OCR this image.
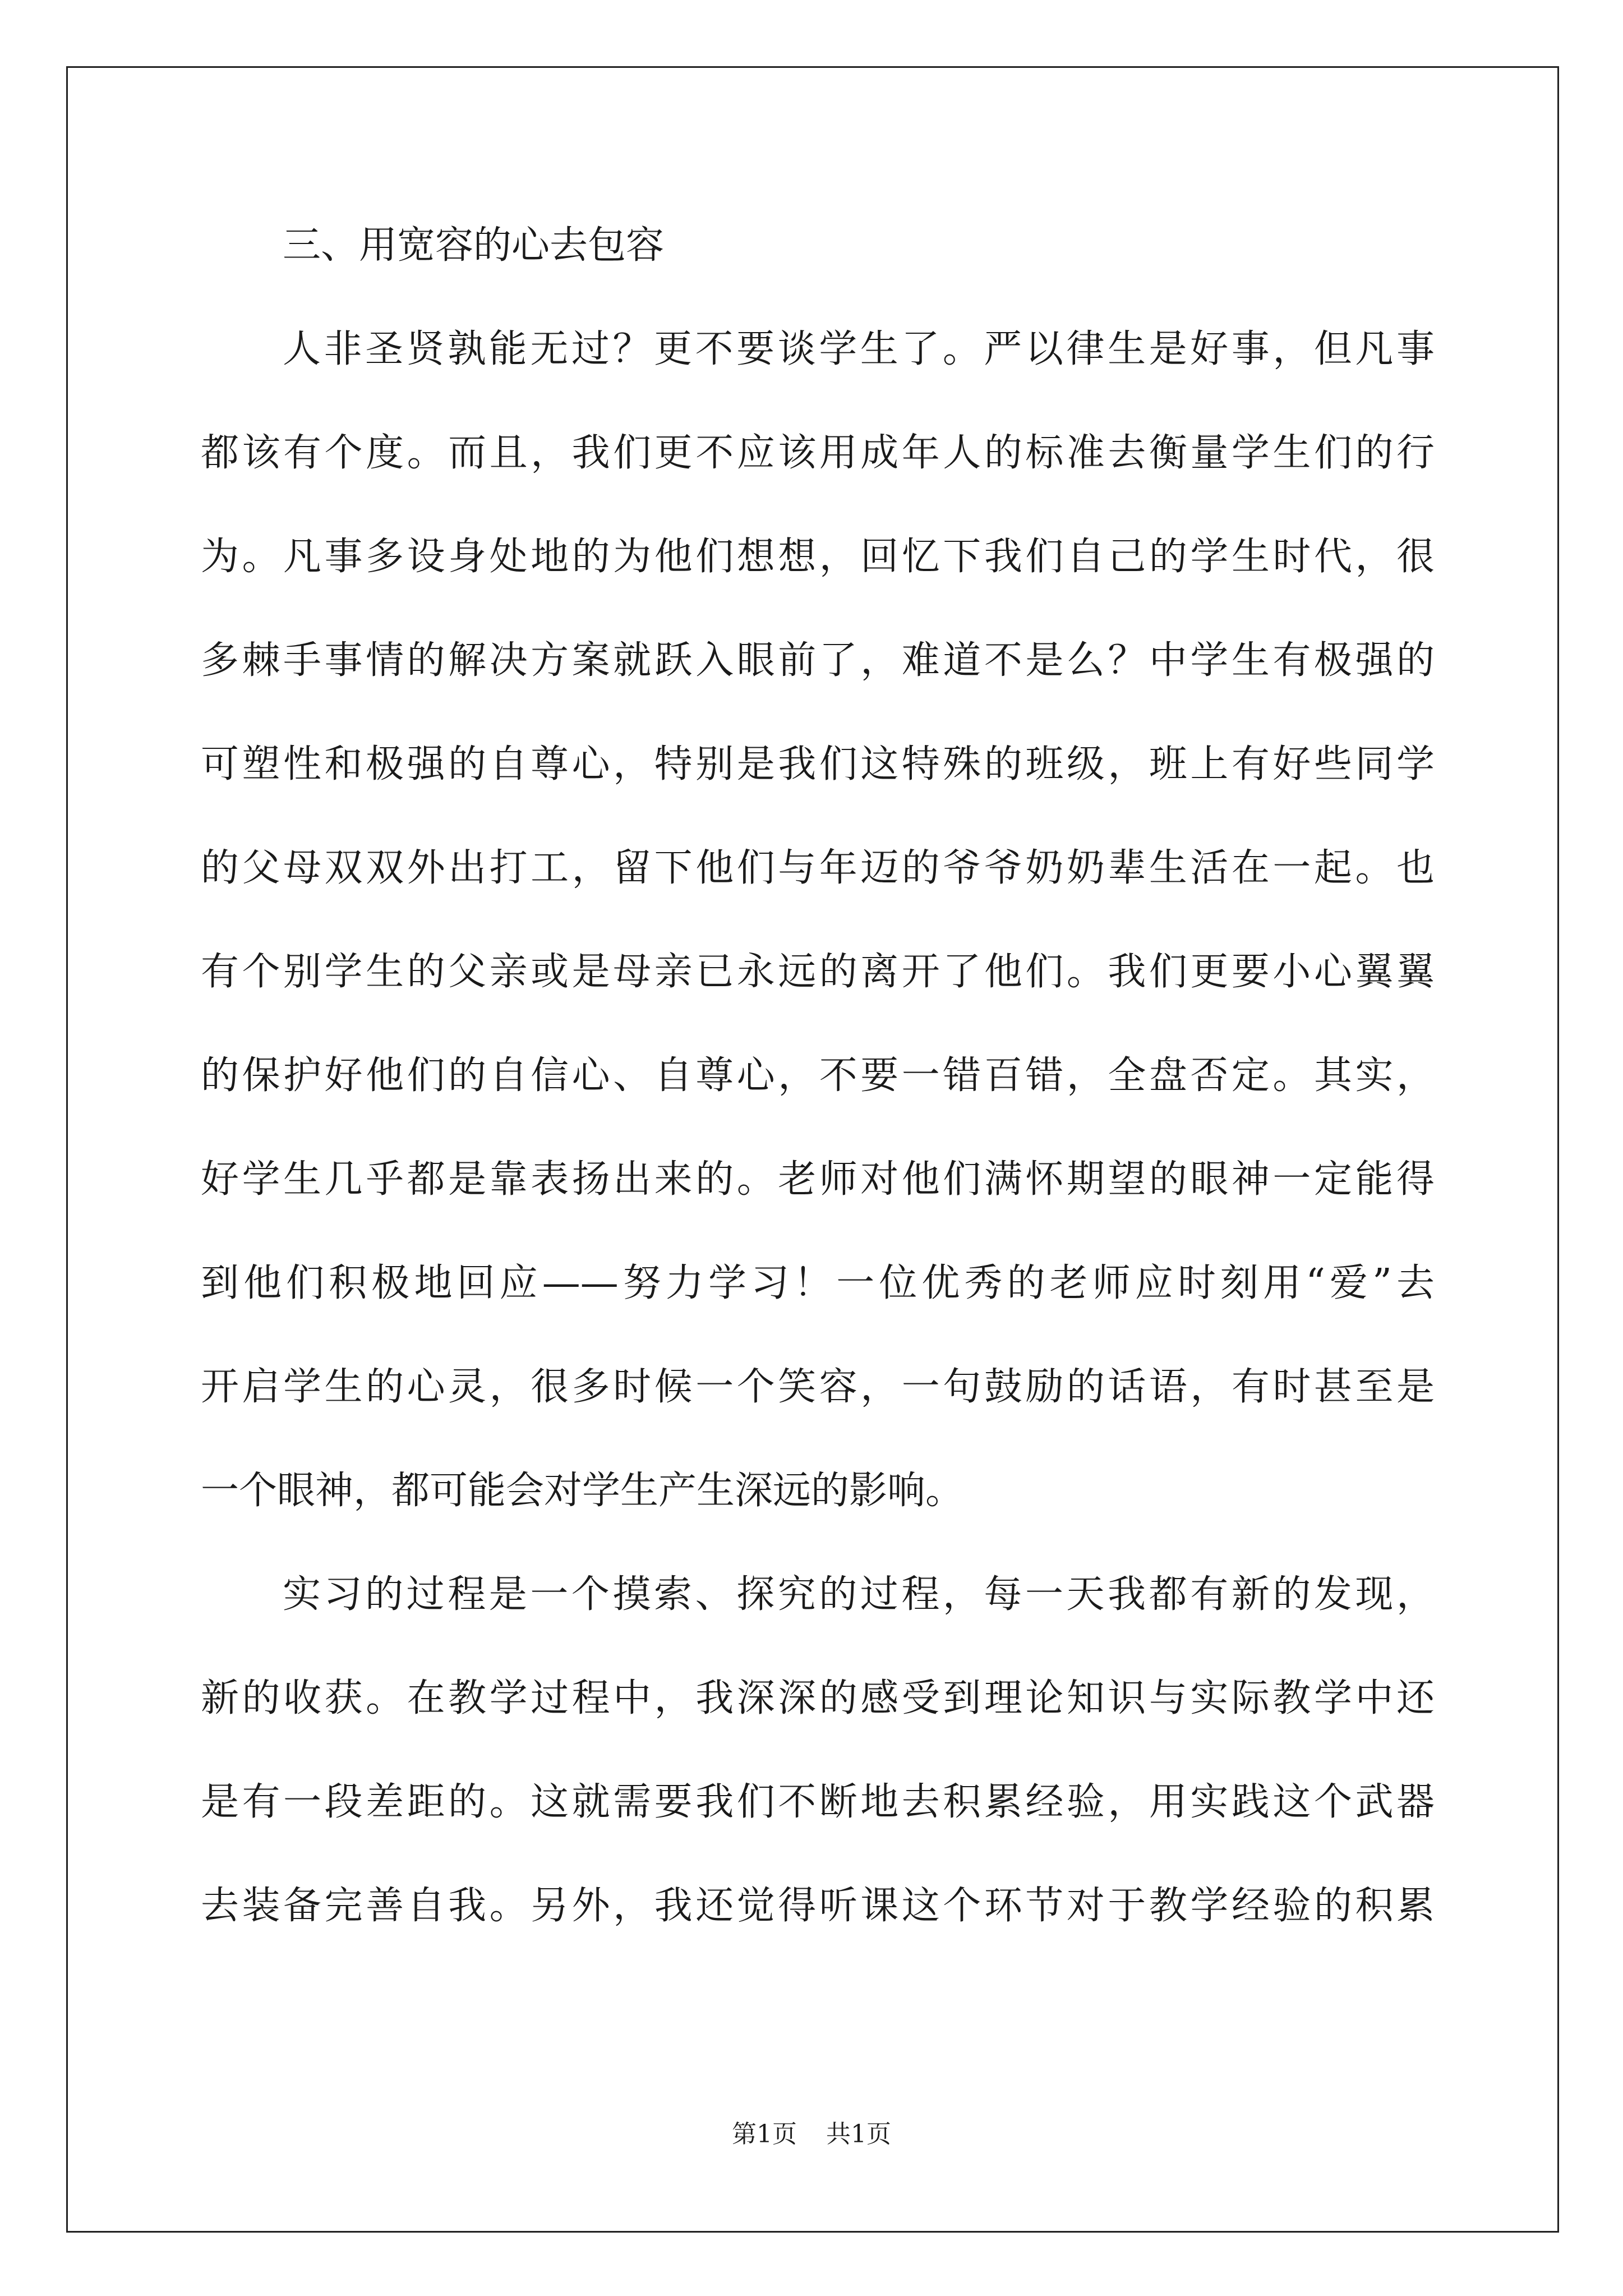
三、用宽容的心去包容
人非圣贤孰能无过？更不要谈学生了。严以律生是好事，但凡事
都该有个度。而且，我们更不应该用成年人的标准去衡量学生们的行
为。凡事多设身处地的为他们想想，回忆下我们自己的学生时代，很
多棘手事情的解决方案就跃入眼前了，难道不是么？中学生有极强的
可塑性和极强的自尊心，特别是我们这特殊的班级，班上有好些同学
的父母双双外出打工，留下他们与年迈的爷爷奶奶辈生活在一起。也
有个别学生的父亲或是母亲已永远的离开了他们。我们更要小心翼翼
的保护好他们的自信心、自尊心，不要一错百错，全盘否定。其实，
好学生几乎都是靠表扬出来的。老师对他们满怀期望的眼神一定能得
到他们积极地回应——努力学习！一位优秀的老师应时刻用“爱”去
开启学生的心灵，很多时候一个笑容，一句鼓励的话语，有时甚至是
一个眼神，都可能会对学生产生深远的影响。
实习的过程是一个摸索、探究的过程，每一天我都有新的发现，
新的收获。在教学过程中，我深深的感受到理论知识与实际教学中还
是有一段差距的。这就需要我们不断地去积累经验，用实践这个武器
去装备完善自我。另外，我还觉得听课这个环节对于教学经验的积累
第1页 共1页
